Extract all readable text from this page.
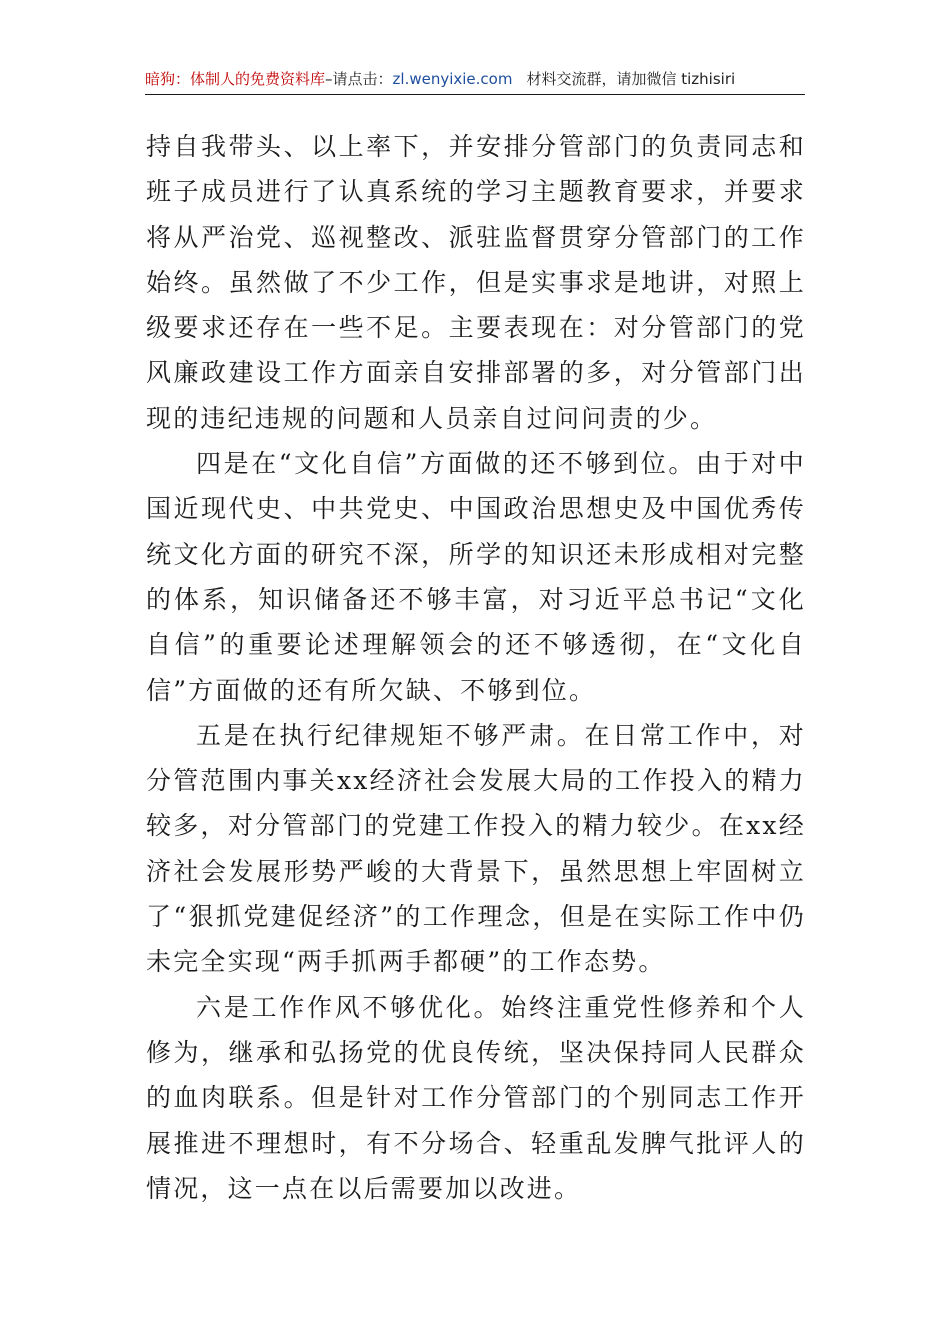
暗狗：体制人的免费资料库–请点击：zl.wenyixie.com 材料交流群，请加微信 tizhisiri

持自我带头、以上率下，并安排分管部门的负责同志和班子成员进行了认真系统的学习主题教育要求，并要求将从严治党、巡视整改、派驻监督贯穿分管部门的工作始终。虽然做了不少工作，但是实事求是地讲，对照上级要求还存在一些不足。主要表现在：对分管部门的党风廉政建设工作方面亲自安排部署的多，对分管部门出现的违纪违规的问题和人员亲自过问问责的少。

四是在“文化自信”方面做的还不够到位。由于对中国近现代史、中共党史、中国政治思想史及中国优秀传统文化方面的研究不深，所学的知识还未形成相对完整的体系，知识储备还不够丰富，对习近平总书记“文化自信”的重要论述理解领会的还不够透彻，在“文化自信”方面做的还有所欠缺、不够到位。

五是在执行纪律规矩不够严肃。在日常工作中，对分管范围内事关xx经济社会发展大局的工作投入的精力较多，对分管部门的党建工作投入的精力较少。在xx经济社会发展形势严峻的大背景下，虽然思想上牢固树立了“狠抓党建促经济”的工作理念，但是在实际工作中仍未完全实现“两手抓两手都硬”的工作态势。

六是工作作风不够优化。始终注重党性修养和个人修为，继承和弘扬党的优良传统，坚决保持同人民群众的血肉联系。但是针对工作分管部门的个别同志工作开展推进不理想时，有不分场合、轻重乱发脾气批评人的情况，这一点在以后需要加以改进。
